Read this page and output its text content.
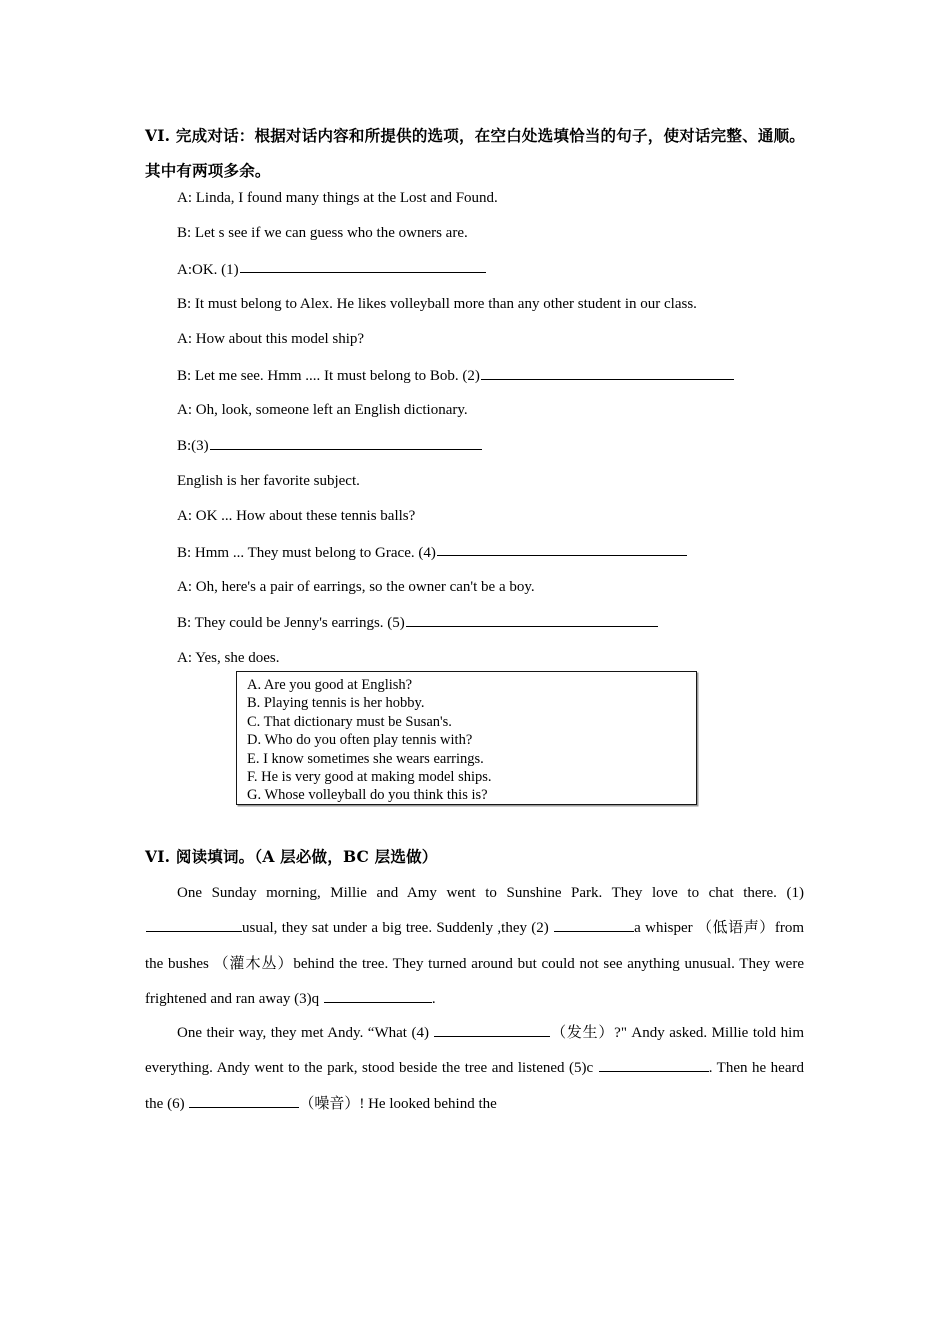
VI. 完成对话：根据对话内容和所提供的选项，在空白处选填恰当的句子，使对话完整、通顺。其中有两项多余。
A: Linda, I found many things at the Lost and Found.
B: Let s see if we can guess who the owners are.
A:OK. (1)
B: It must belong to Alex. He likes volleyball more than any other student in our class.
A: How about this model ship?
B: Let me see. Hmm .... It must belong to Bob. (2)
A: Oh, look, someone left an English dictionary.
B:(3)
English is her favorite subject.
A: OK ... How about these tennis balls?
B: Hmm ... They must belong to Grace. (4)
A: Oh, here's a pair of earrings, so the owner can't be a boy.
B: They could be Jenny's earrings. (5)
A: Yes, she does.
A. Are you good at English?
B. Playing tennis is her hobby.
C. That dictionary must be Susan's.
D. Who do you often play tennis with?
E. I know sometimes she wears earrings.
F. He is very good at making model ships.
G. Whose volleyball do you think this is?
VI. 阅读填词。（A 层必做，BC 层选做）
One Sunday morning, Millie and Amy went to Sunshine Park. They love to chat there. (1) usual, they sat under a big tree. Suddenly ,they (2)	a whisper （低语声）from the bushes （灌木丛）behind the tree. They turned around but could not see anything unusual. They were frightened and ran away (3)q	.
One their way, they met Andy. “What (4)	（发生）?" Andy asked. Millie told him everything. Andy went to the park, stood beside the tree and listened (5)c	. Then he heard the (6)	（噪音）! He looked behind the
